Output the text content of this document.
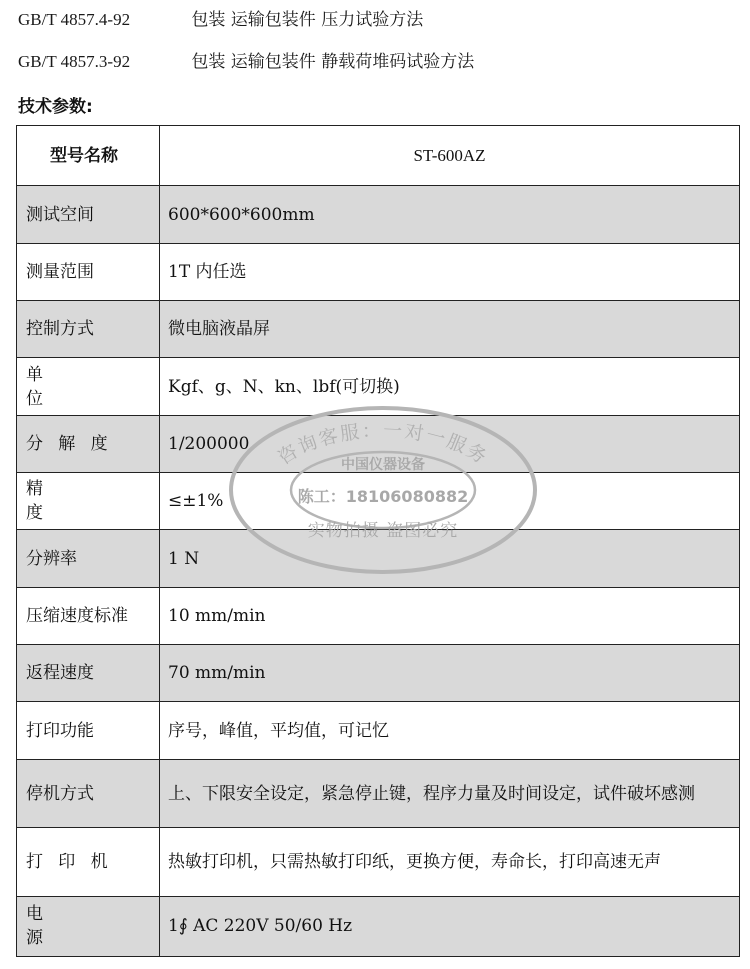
GB/T 4857.4-92	包装 运输包装件 压力试验方法
GB/T 4857.3-92	包装 运输包装件 静载荷堆码试验方法
技术参数:
型号名称	ST-600AZ
测试空间	600*600*600mm
测量范围	1T 内任选
控制方式	微电脑液晶屏
单 位	Kgf、g、N、kn、lbf(可切换)
分解度	1/200000
精 度	≤±1%
分辨率	1 N
压缩速度标准	10 mm/min
返程速度	70 mm/min
打印功能	序号，峰值，平均值，可记忆
停机方式	上、下限安全设定，紧急停止键，程序力量及时间设定，试件破坏感测
打印机	热敏打印机，只需热敏打印纸，更换方便，寿命长，打印高速无声
电 源	1∮ AC 220V 50/60 Hz
咨询客服：一对一服务
中国仪器设备
陈工：18106080882
实物拍摄 盗图必究
